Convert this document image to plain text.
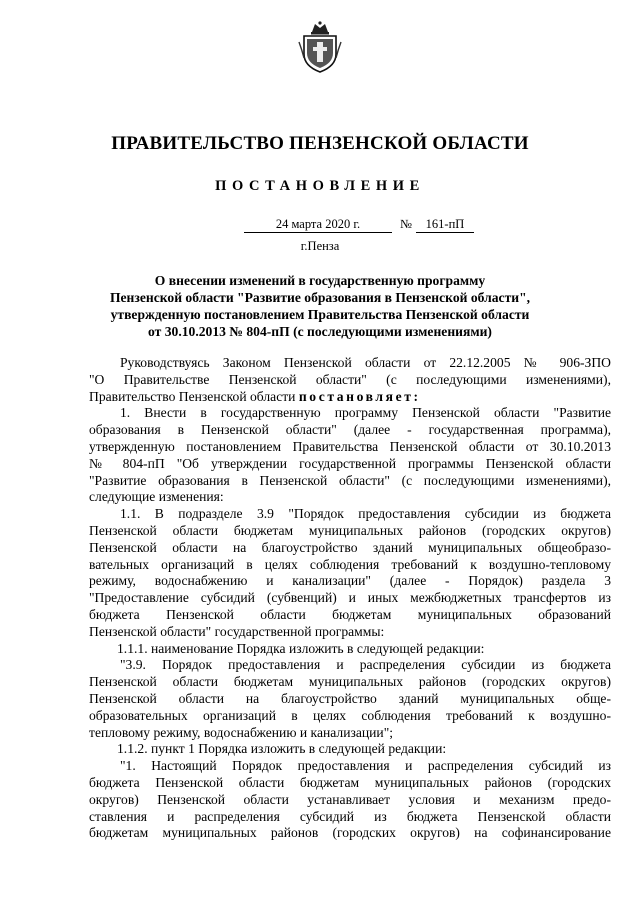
ПРАВИТЕЛЬСТВО ПЕНЗЕНСКОЙ ОБЛАСТИ
ПОСТАНОВЛЕНИЕ
24 марта 2020 г.	№	161-пП
г.Пенза
О внесении изменений в государственную программу
Пензенской области "Развитие образования в Пензенской области",
утвержденную постановлением Правительства Пензенской области
от 30.10.2013 № 804-пП (с последующими изменениями)
Руководствуясь Законом Пензенской области от 22.12.2005 № 906-ЗПО
"О Правительстве Пензенской области" (с последующими изменениями),
Правительство Пензенской области постановляет:
1. Внести в государственную программу Пензенской области "Развитие
образования в Пензенской области" (далее - государственная программа),
утвержденную постановлением Правительства Пензенской области от 30.10.2013
№ 804-пП "Об утверждении государственной программы Пензенской области
"Развитие образования в Пензенской области" (с последующими изменениями),
следующие изменения:
1.1. В подразделе 3.9 "Порядок предоставления субсидии из бюджета
Пензенской области бюджетам муниципальных районов (городских округов)
Пензенской области на благоустройство зданий муниципальных общеобразо-
вательных организаций в целях соблюдения требований к воздушно-тепловому
режиму, водоснабжению и канализации" (далее - Порядок) раздела 3
"Предоставление субсидий (субвенций) и иных межбюджетных трансфертов из
бюджета Пензенской области бюджетам муниципальных образований
Пензенской области" государственной программы:
1.1.1. наименование Порядка изложить в следующей редакции:
"3.9. Порядок предоставления и распределения субсидии из бюджета
Пензенской области бюджетам муниципальных районов (городских округов)
Пензенской области на благоустройство зданий муниципальных обще-
образовательных организаций в целях соблюдения требований к воздушно-
тепловому режиму, водоснабжению и канализации";
1.1.2. пункт 1 Порядка изложить в следующей редакции:
"1. Настоящий Порядок предоставления и распределения субсидий из
бюджета Пензенской области бюджетам муниципальных районов (городских
округов) Пензенской области устанавливает условия и механизм предо-
ставления и распределения субсидий из бюджета Пензенской области
бюджетам муниципальных районов (городских округов) на софинансирование
